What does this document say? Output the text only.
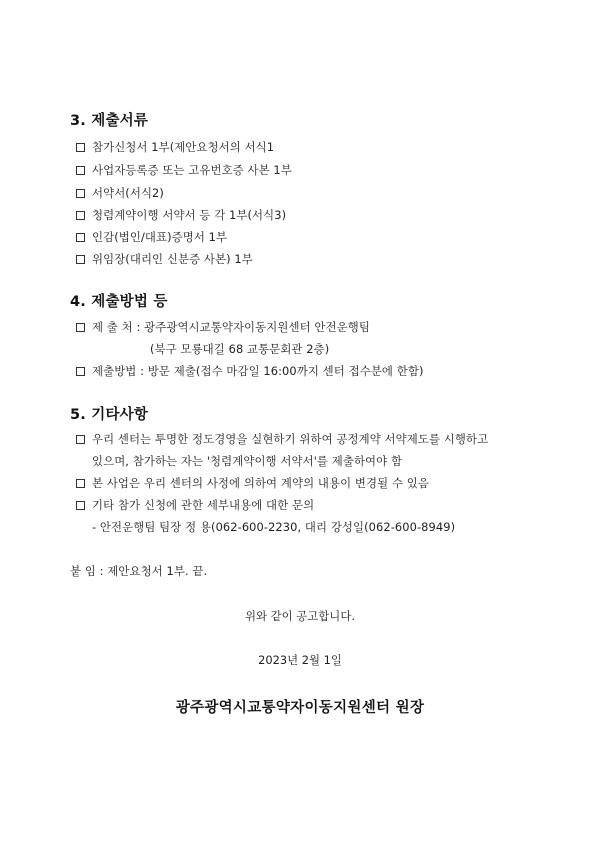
3. 제출서류
참가신청서 1부(제안요청서의 서식1
사업자등록증 또는 고유번호증 사본 1부
서약서(서식2)
청렴계약이행 서약서 등 각 1부(서식3)
인감(법인/대표)증명서 1부
위임장(대리인 신분증 사본) 1부
4. 제출방법 등
제 출 처 : 광주광역시교통약자이동지원센터 안전운행팀
(북구 모룡대길 68 교통문회관 2층)
제출방법 : 방문 제출(접수 마감일 16:00까지 센터 접수분에 한함)
5. 기타사항
우리 센터는 투명한 정도경영을 실현하기 위하여 공정계약 서약제도를 시행하고
있으며, 참가하는 자는 '청렴계약이행 서약서'를 제출하여야 함
본 사업은 우리 센터의 사정에 의하여 계약의 내용이 변경될 수 있음
기타 참가 신청에 관한 세부내용에 대한 문의
- 안전운행팀 팀장 정 용(062-600-2230, 대리 강성일(062-600-8949)
붙 임 : 제안요청서 1부. 끝.
위와 같이 공고합니다.
2023년 2월 1일
광주광역시교통약자이동지원센터 원장
